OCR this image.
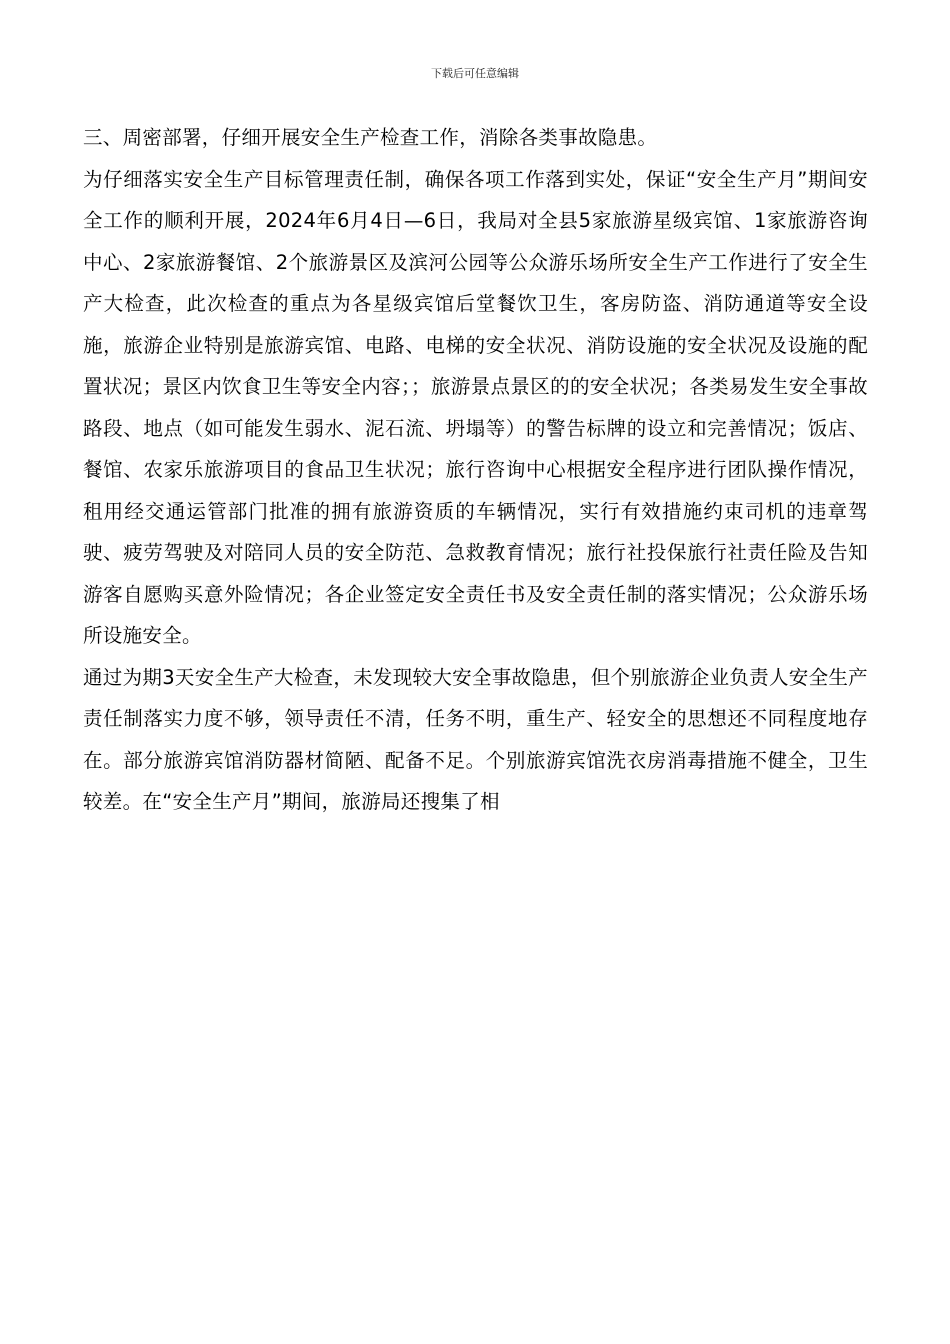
下载后可任意编辑

三、周密部署，仔细开展安全生产检查工作，消除各类事故隐患。

为仔细落实安全生产目标管理责任制，确保各项工作落到实处，保证“安全生产月”期间安全工作的顺利开展，2024年6月4日—6日，我局对全县5家旅游星级宾馆、1家旅游咨询中心、2家旅游餐馆、2个旅游景区及滨河公园等公众游乐场所安全生产工作进行了安全生产大检查，此次检查的重点为各星级宾馆后堂餐饮卫生，客房防盗、消防通道等安全设施，旅游企业特别是旅游宾馆、电路、电梯的安全状况、消防设施的安全状况及设施的配置状况；景区内饮食卫生等安全内容；；旅游景点景区的的安全状况；各类易发生安全事故路段、地点（如可能发生弱水、泥石流、坍塌等）的警告标牌的设立和完善情况；饭店、餐馆、农家乐旅游项目的食品卫生状况；旅行咨询中心根据安全程序进行团队操作情况，租用经交通运管部门批准的拥有旅游资质的车辆情况，实行有效措施约束司机的违章驾驶、疲劳驾驶及对陪同人员的安全防范、急救教育情况；旅行社投保旅行社责任险及告知游客自愿购买意外险情况；各企业签定安全责任书及安全责任制的落实情况；公众游乐场所设施安全。

通过为期3天安全生产大检查，未发现较大安全事故隐患，但个别旅游企业负责人安全生产责任制落实力度不够，领导责任不清，任务不明，重生产、轻安全的思想还不同程度地存在。部分旅游宾馆消防器材简陋、配备不足。个别旅游宾馆洗衣房消毒措施不健全，卫生较差。在“安全生产月”期间，旅游局还搜集了相
